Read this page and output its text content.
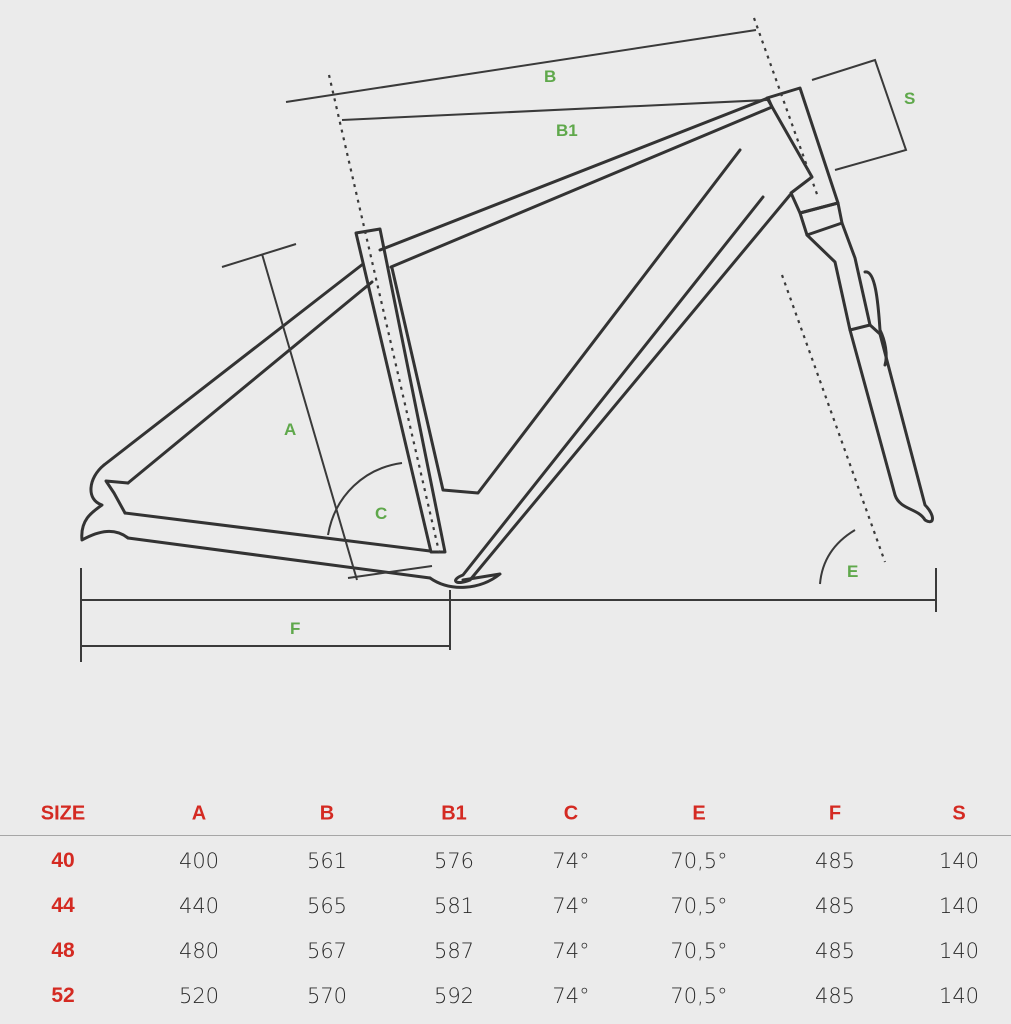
B
B1
S
A
C
E
F
SIZE	A	B	B1	C	E	F	S
40	400	561	576	74°	70,5°	485	140
44	440	565	581	74°	70,5°	485	140
48	480	567	587	74°	70,5°	485	140
52	520	570	592	74°	70,5°	485	140
